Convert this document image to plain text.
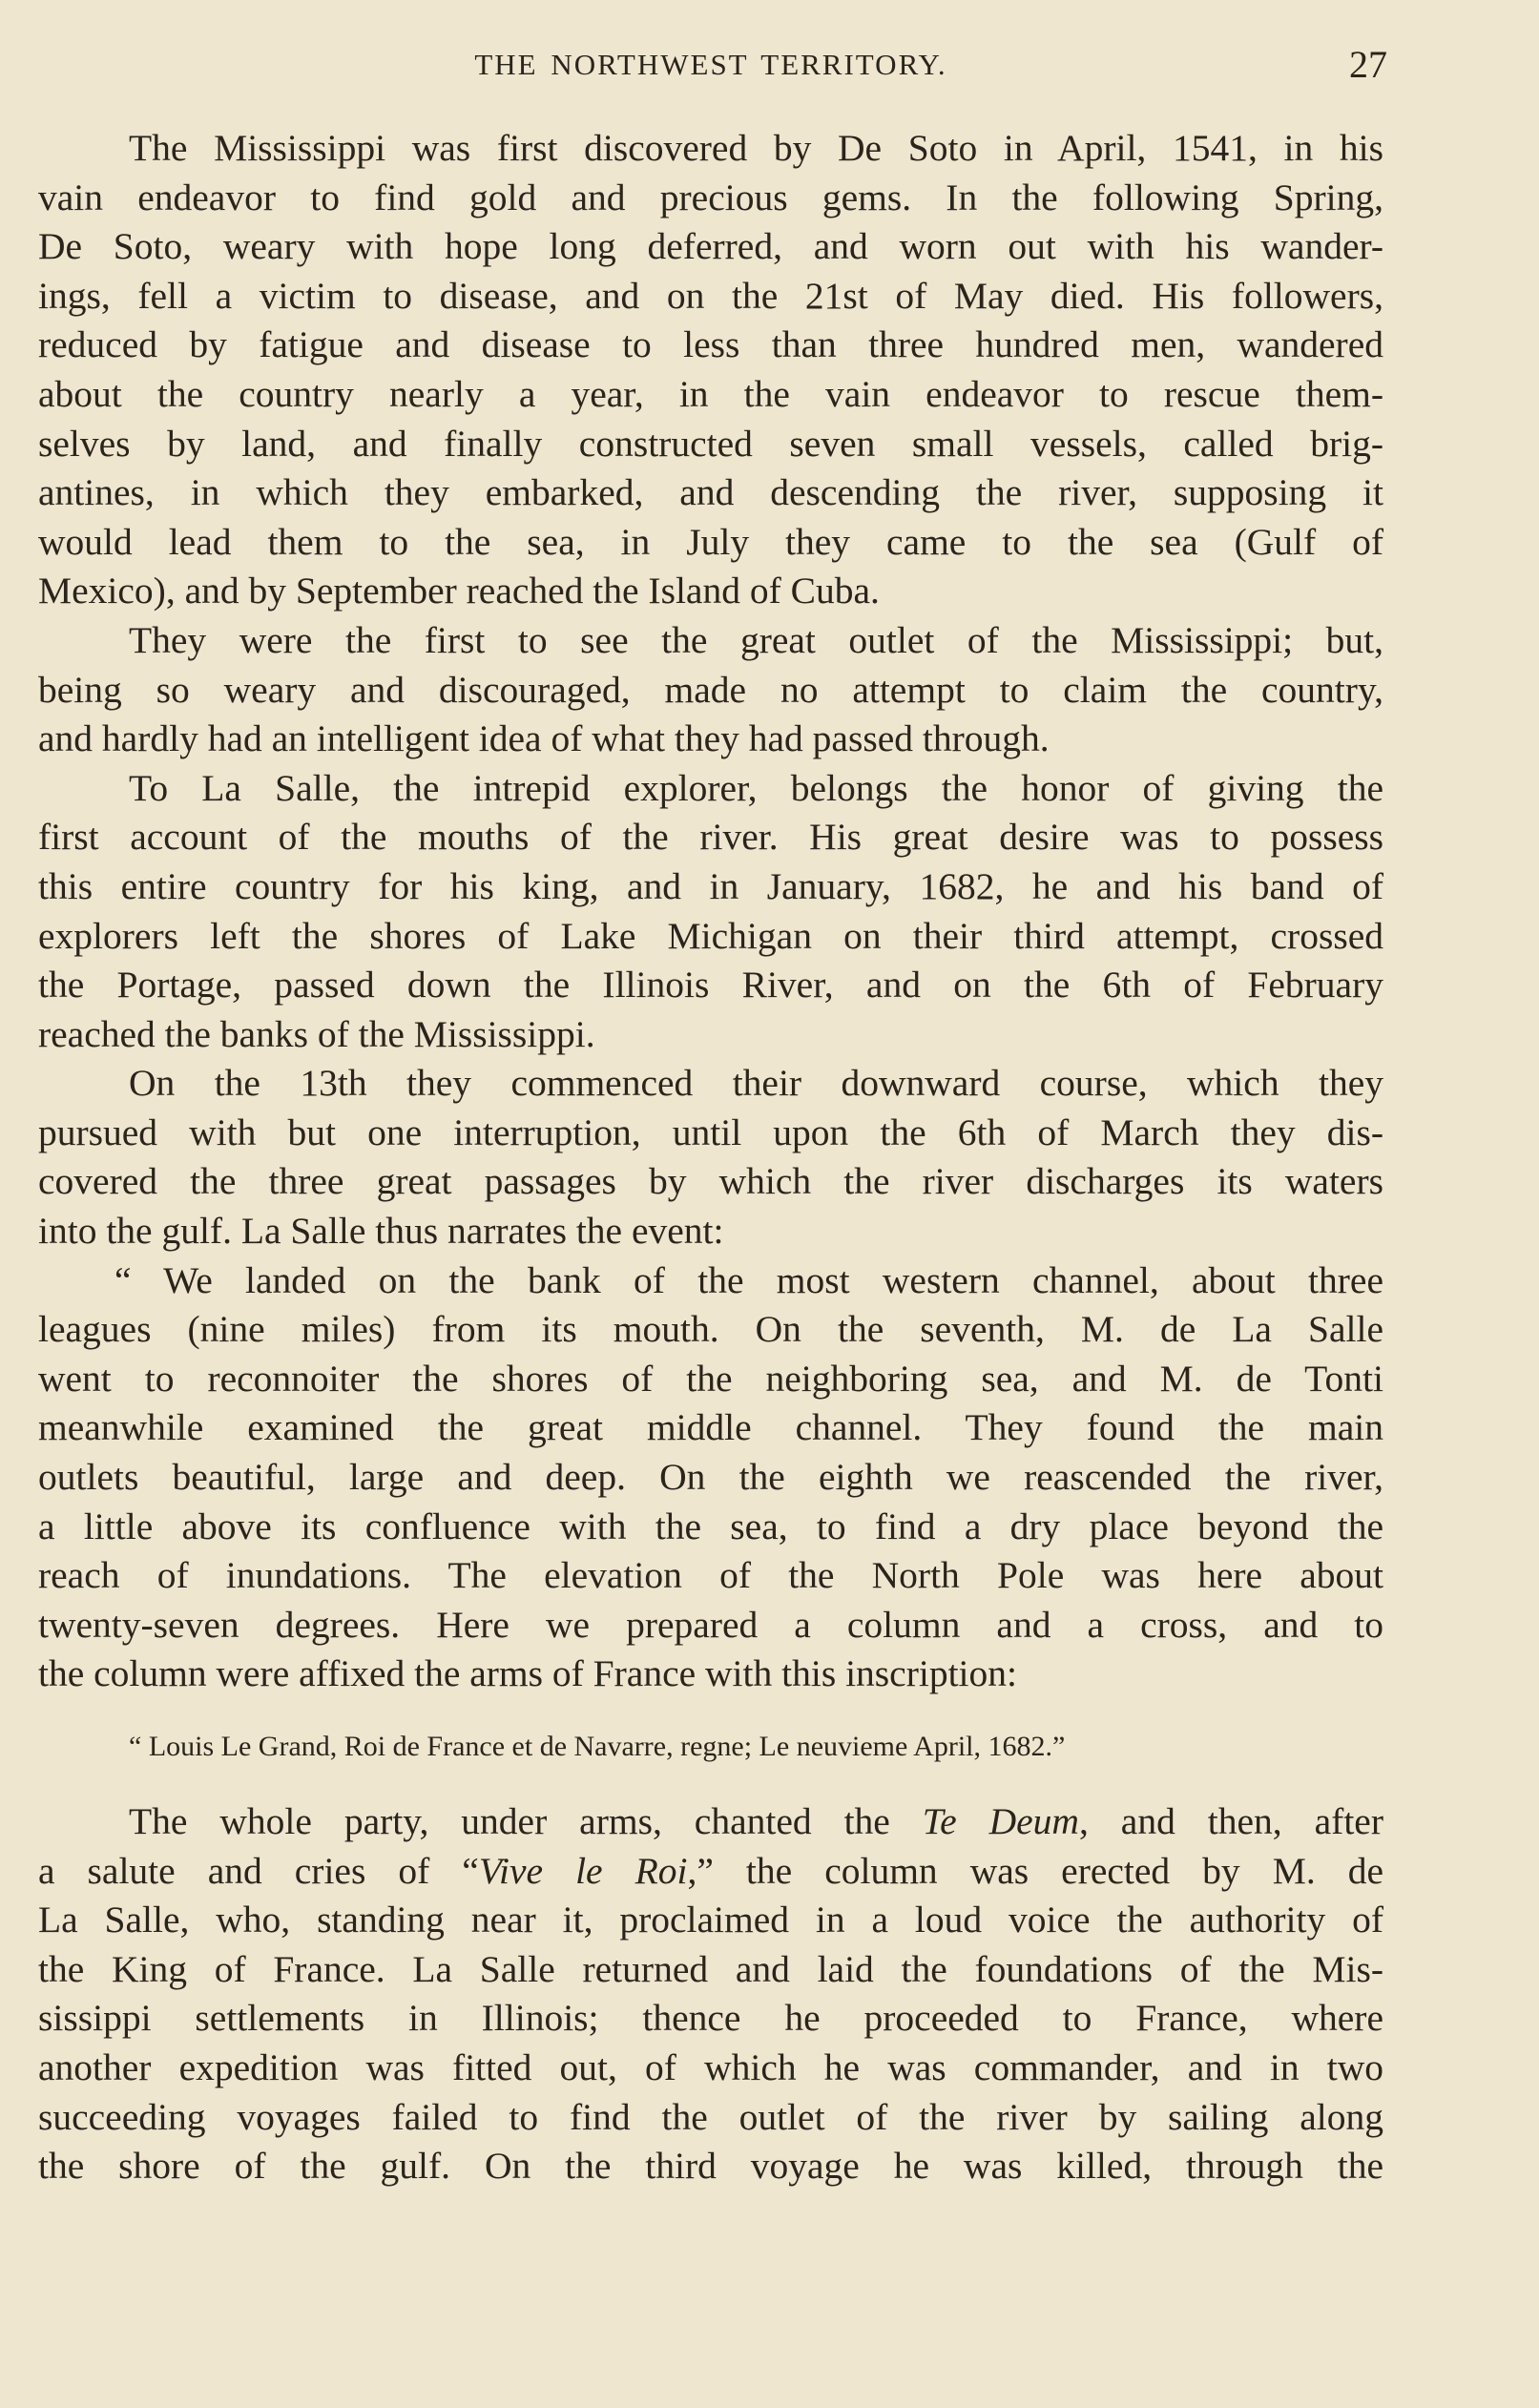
THE NORTHWEST TERRITORY.	27
The Mississippi was first discovered by De Soto in April, 1541, in his
vain endeavor to find gold and precious gems. In the following Spring,
De Soto, weary with hope long deferred, and worn out with his wander-
ings, fell a victim to disease, and on the 21st of May died. His followers,
reduced by fatigue and disease to less than three hundred men, wandered
about the country nearly a year, in the vain endeavor to rescue them-
selves by land, and finally constructed seven small vessels, called brig-
antines, in which they embarked, and descending the river, supposing it
would lead them to the sea, in July they came to the sea (Gulf of
Mexico), and by September reached the Island of Cuba.
They were the first to see the great outlet of the Mississippi; but,
being so weary and discouraged, made no attempt to claim the country,
and hardly had an intelligent idea of what they had passed through.
To La Salle, the intrepid explorer, belongs the honor of giving the
first account of the mouths of the river. His great desire was to possess
this entire country for his king, and in January, 1682, he and his band of
explorers left the shores of Lake Michigan on their third attempt, crossed
the Portage, passed down the Illinois River, and on the 6th of February
reached the banks of the Mississippi.
On the 13th they commenced their downward course, which they
pursued with but one interruption, until upon the 6th of March they dis-
covered the three great passages by which the river discharges its waters
into the gulf. La Salle thus narrates the event:
“ We landed on the bank of the most western channel, about three
leagues (nine miles) from its mouth. On the seventh, M. de La Salle
went to reconnoiter the shores of the neighboring sea, and M. de Tonti
meanwhile examined the great middle channel. They found the main
outlets beautiful, large and deep. On the eighth we reascended the river,
a little above its confluence with the sea, to find a dry place beyond the
reach of inundations. The elevation of the North Pole was here about
twenty-seven degrees. Here we prepared a column and a cross, and to
the column were affixed the arms of France with this inscription:
“ Louis Le Grand, Roi de France et de Navarre, regne; Le neuvieme April, 1682.”
The whole party, under arms, chanted the Te Deum, and then, after
a salute and cries of “Vive le Roi,” the column was erected by M. de
La Salle, who, standing near it, proclaimed in a loud voice the authority of
the King of France. La Salle returned and laid the foundations of the Mis-
sissippi settlements in Illinois; thence he proceeded to France, where
another expedition was fitted out, of which he was commander, and in two
succeeding voyages failed to find the outlet of the river by sailing along
the shore of the gulf. On the third voyage he was killed, through the
